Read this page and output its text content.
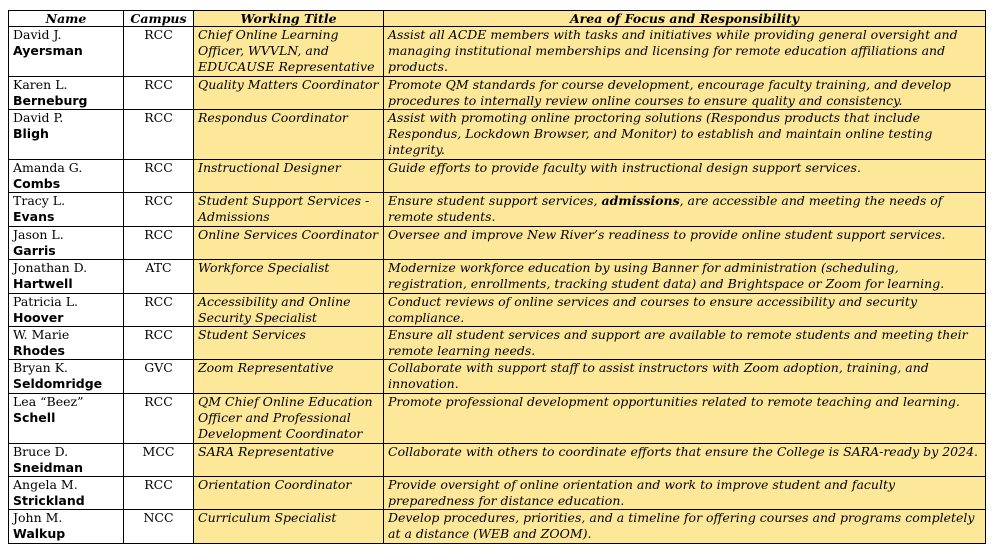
Name	Campus	Working Title	Area of Focus and Responsibility

David J.
Ayersman	RCC	Chief Online Learning Officer, WVVLN, and EDUCAUSE Representative	Assist all ACDE members with tasks and initiatives while providing general oversight and managing institutional memberships and licensing for remote education affiliations and products.

Karen L.
Berneburg	RCC	Quality Matters Coordinator	Promote QM standards for course development, encourage faculty training, and develop procedures to internally review online courses to ensure quality and consistency.

David P.
Bligh	RCC	Respondus Coordinator	Assist with promoting online proctoring solutions (Respondus products that include Respondus, Lockdown Browser, and Monitor) to establish and maintain online testing integrity.

Amanda G.
Combs	RCC	Instructional Designer	Guide efforts to provide faculty with instructional design support services.

Tracy L.
Evans	RCC	Student Support Services - Admissions	Ensure student support services, admissions, are accessible and meeting the needs of remote students.

Jason L.
Garris	RCC	Online Services Coordinator	Oversee and improve New River’s readiness to provide online student support services.

Jonathan D.
Hartwell	ATC	Workforce Specialist	Modernize workforce education by using Banner for administration (scheduling, registration, enrollments, tracking student data) and Brightspace or Zoom for learning.

Patricia L.
Hoover	RCC	Accessibility and Online Security Specialist	Conduct reviews of online services and courses to ensure accessibility and security compliance.

W. Marie
Rhodes	RCC	Student Services	Ensure all student services and support are available to remote students and meeting their remote learning needs.

Bryan K.
Seldomridge	GVC	Zoom Representative	Collaborate with support staff to assist instructors with Zoom adoption, training, and innovation.

Lea “Beez”
Schell	RCC	QM Chief Online Education Officer and Professional Development Coordinator	Promote professional development opportunities related to remote teaching and learning.

Bruce D.
Sneidman	MCC	SARA Representative	Collaborate with others to coordinate efforts that ensure the College is SARA-ready by 2024.

Angela M.
Strickland	RCC	Orientation Coordinator	Provide oversight of online orientation and work to improve student and faculty preparedness for distance education.

John M.
Walkup	NCC	Curriculum Specialist	Develop procedures, priorities, and a timeline for offering courses and programs completely at a distance (WEB and ZOOM).
